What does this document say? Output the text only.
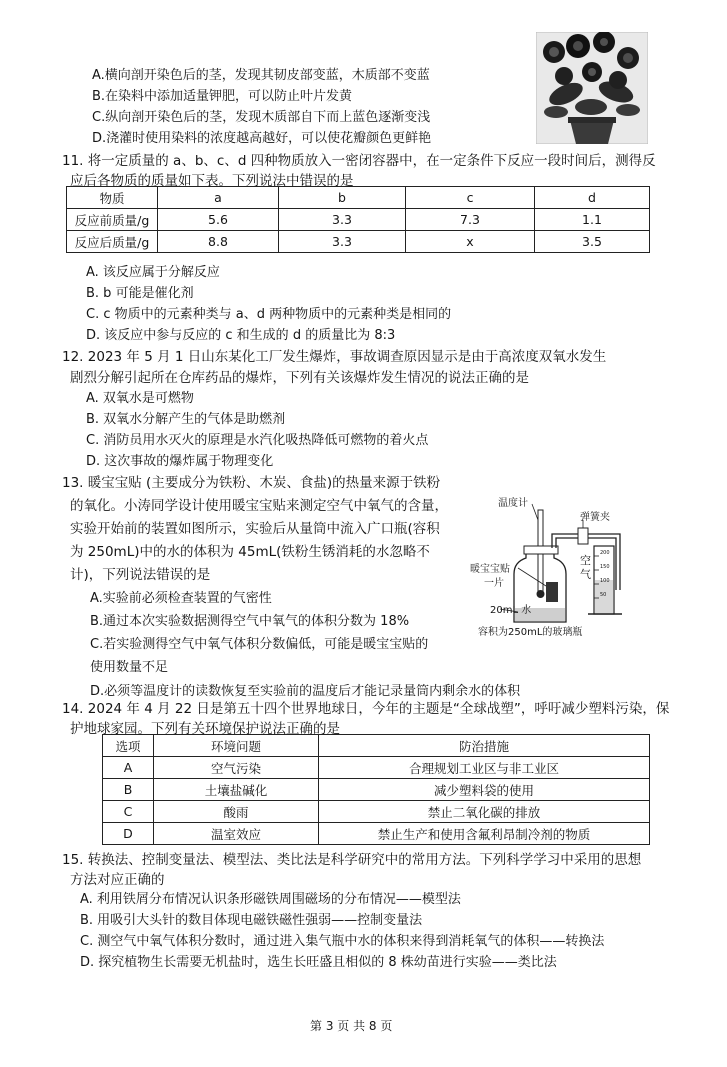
A.横向剖开染色后的茎，发现其韧皮部变蓝，木质部不变蓝
B.在染料中添加适量钾肥，可以防止叶片发黄
C.纵向剖开染色后的茎，发现木质部自下而上蓝色逐渐变浅
D.浇灌时使用染料的浓度越高越好，可以使花瓣颜色更鲜艳
11. 将一定质量的 a、b、c、d 四种物质放入一密闭容器中，在一定条件下反应一段时间后，测得反
应后各物质的质量如下表。下列说法中错误的是
物质	a	b	c	d
反应前质量/g	5.6	3.3	7.3	1.1
反应后质量/g	8.8	3.3	x	3.5
A. 该反应属于分解反应
B. b 可能是催化剂
C. c 物质中的元素种类与 a、d 两种物质中的元素种类是相同的
D. 该反应中参与反应的 c 和生成的 d 的质量比为 8:3
12. 2023 年 5 月 1 日山东某化工厂发生爆炸，事故调查原因显示是由于高浓度双氧水发生
剧烈分解引起所在仓库药品的爆炸，下列有关该爆炸发生情况的说法正确的是
A. 双氧水是可燃物
B. 双氧水分解产生的气体是助燃剂
C. 消防员用水灭火的原理是水汽化吸热降低可燃物的着火点
D. 这次事故的爆炸属于物理变化
13. 暖宝宝贴 (主要成分为铁粉、木炭、食盐)的热量来源于铁粉
的氧化。小涛同学设计使用暖宝宝贴来测定空气中氧气的含量，
实验开始前的装置如图所示，实验后从量筒中流入广口瓶(容积
为 250mL)中的水的体积为 45mL(铁粉生锈消耗的水忽略不
计)，下列说法错误的是
A.实验前必须检查装置的气密性
B.通过本次实验数据测得空气中氧气的体积分数为 18%
C.若实验测得空气中氧气体积分数偏低，可能是暖宝宝贴的
使用数量不足
D.必须等温度计的读数恢复至实验前的温度后才能记录量筒内剩余水的体积
温度计
弹簧夹
暖宝宝贴
一片
空
气
200
150
100
50
20mL 水
容积为250mL的玻璃瓶
14. 2024 年 4 月 22 日是第五十四个世界地球日，今年的主题是“全球战塑”，呼吁减少塑料污染，保
护地球家园。下列有关环境保护说法正确的是
选项	环境问题	防治措施
A	空气污染	合理规划工业区与非工业区
B	土壤盐碱化	减少塑料袋的使用
C	酸雨	禁止二氧化碳的排放
D	温室效应	禁止生产和使用含氟利昂制冷剂的物质
15. 转换法、控制变量法、模型法、类比法是科学研究中的常用方法。下列科学学习中采用的思想
方法对应正确的
A. 利用铁屑分布情况认识条形磁铁周围磁场的分布情况——模型法
B. 用吸引大头针的数目体现电磁铁磁性强弱——控制变量法
C. 测空气中氧气体积分数时，通过进入集气瓶中水的体积来得到消耗氧气的体积——转换法
D. 探究植物生长需要无机盐时，选生长旺盛且相似的 8 株幼苗进行实验——类比法
第 3 页 共 8 页
